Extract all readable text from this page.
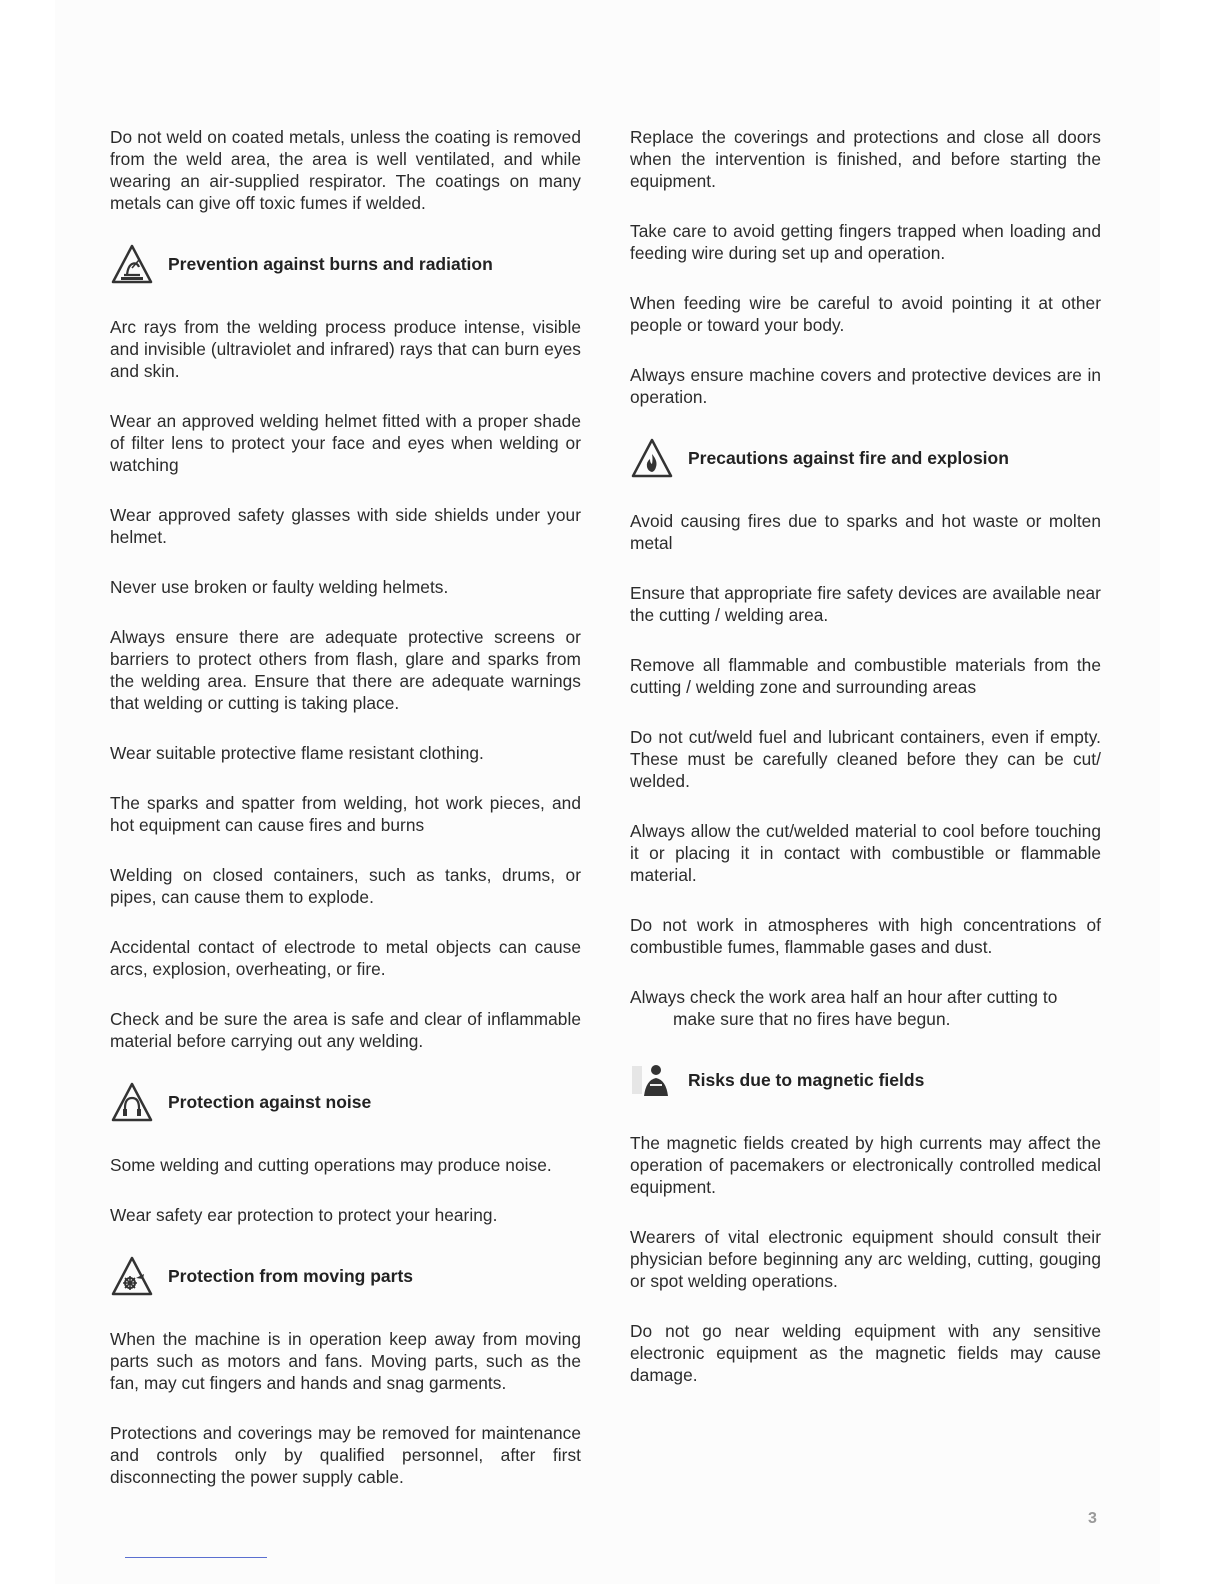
Do not weld on coated metals, unless the coating is removed from the weld area, the area is well ventilated, and while wearing an air-supplied respirator. The coatings on many metals can give off toxic fumes if welded.

Prevention against burns and radiation

Arc rays from the welding process produce intense, visible and invisible (ultraviolet and infrared) rays that can burn eyes and skin.

Wear an approved welding helmet fitted with a proper shade of filter lens to protect your face and eyes when welding or watching

Wear approved safety glasses with side shields under your helmet.

Never use broken or faulty welding helmets.

Always ensure there are adequate protective screens or barriers to protect others from flash, glare and sparks from the welding area. Ensure that there are adequate warnings that welding or cutting is taking place.

Wear suitable protective flame resistant clothing.

The sparks and spatter from welding, hot work pieces, and hot equipment can cause fires and burns

Welding on closed containers, such as tanks, drums, or pipes, can cause them to explode.

Accidental contact of electrode to metal objects can cause arcs, explosion, overheating, or fire.

Check and be sure the area is safe and clear of inflammable material before carrying out any welding.

Protection against noise

Some welding and cutting operations may produce noise.

Wear safety ear protection to protect your hearing.

Protection from moving parts

When the machine is in operation keep away from moving parts such as motors and fans. Moving parts, such as the fan, may cut fingers and hands and snag garments.

Protections and coverings may be removed for maintenance and controls only by qualified personnel, after first disconnecting the power supply cable.

Replace the coverings and protections and close all doors when the intervention is finished, and before starting the equipment.

Take care to avoid getting fingers trapped when loading and feeding wire during set up and operation.

When feeding wire be careful to avoid pointing it at other people or toward your body.

Always ensure machine covers and protective devices are in operation.

Precautions against fire and explosion

Avoid causing fires due to sparks and hot waste or molten metal

Ensure that appropriate fire safety devices are available near the cutting / welding area.

Remove all flammable and combustible materials from the cutting / welding zone and surrounding areas

Do not cut/weld fuel and lubricant containers, even if empty. These must be carefully cleaned before they can be cut/ welded.

Always allow the cut/welded material to cool before touching it or placing it in contact with combustible or flammable material.

Do not work in atmospheres with high concentrations of combustible fumes, flammable gases and dust.

Always check the work area half an hour after cutting to
make sure that no fires have begun.

Risks due to magnetic fields

The magnetic fields created by high currents may affect the operation of pacemakers or electronically controlled medical equipment.

Wearers of vital electronic equipment should consult their physician before beginning any arc welding, cutting, gouging or spot welding operations.

Do not go near welding equipment with any sensitive electronic equipment as the magnetic fields may cause damage.

3
